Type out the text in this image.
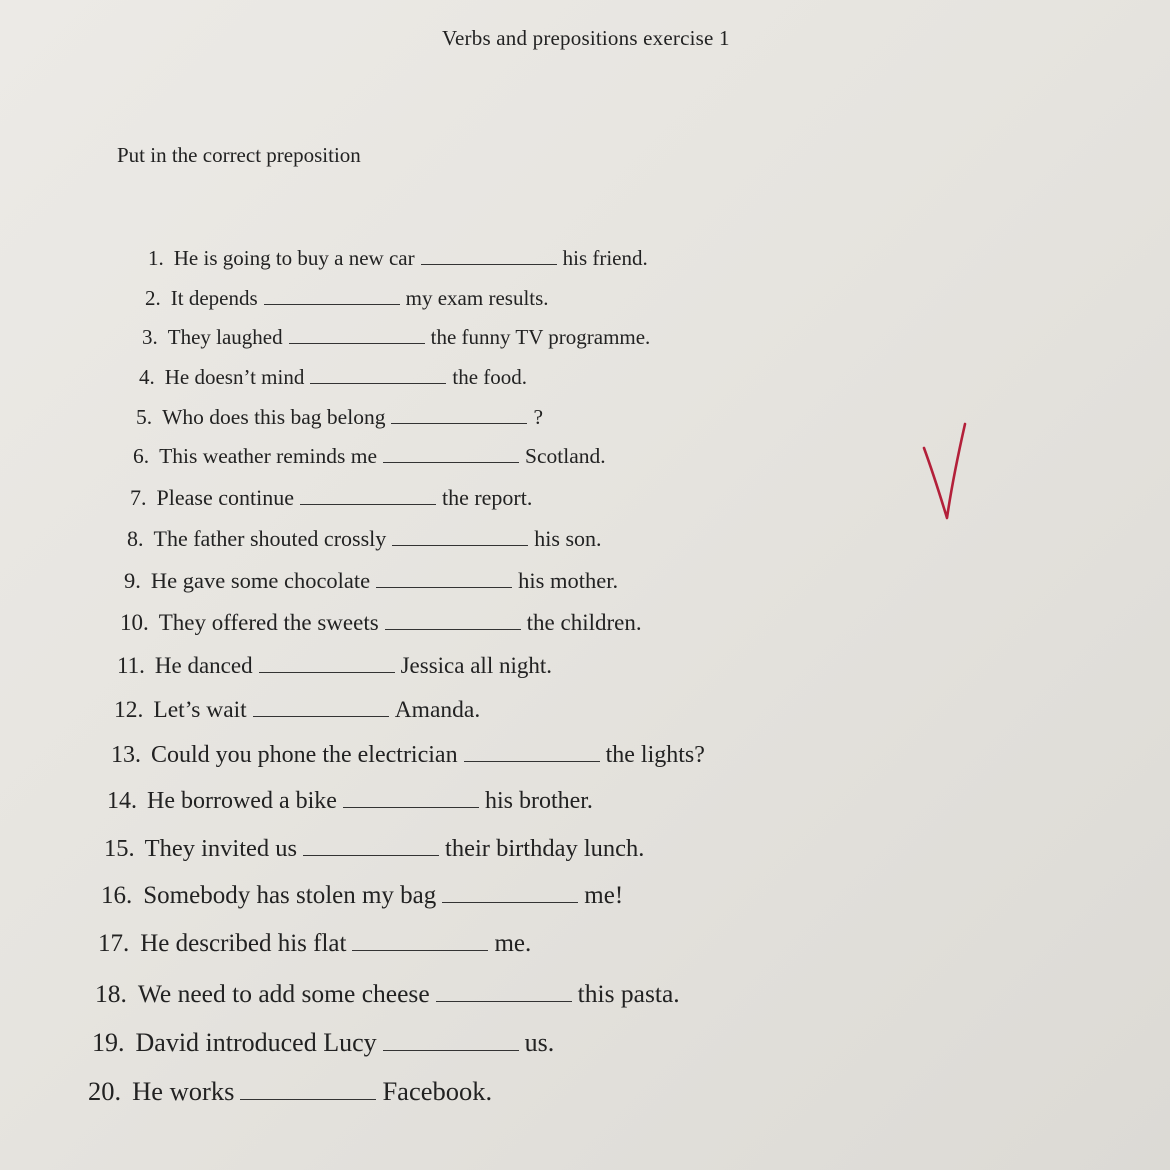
Verbs and prepositions exercise 1
Put in the correct preposition
1. He is going to buy a new car	his friend.
2. It depends	my exam results.
3. They laughed	the funny TV programme.
4. He doesn’t mind	the food.
5. Who does this bag belong	?
6. This weather reminds me	Scotland.
7. Please continue	the report.
8. The father shouted crossly	his son.
9. He gave some chocolate	his mother.
10. They offered the sweets	the children.
11. He danced	Jessica all night.
12. Let’s wait	Amanda.
13. Could you phone the electrician	the lights?
14. He borrowed a bike	his brother.
15. They invited us	their birthday lunch.
16. Somebody has stolen my bag	me!
17. He described his flat	me.
18. We need to add some cheese	this pasta.
19. David introduced Lucy	us.
20. He works	Facebook.
